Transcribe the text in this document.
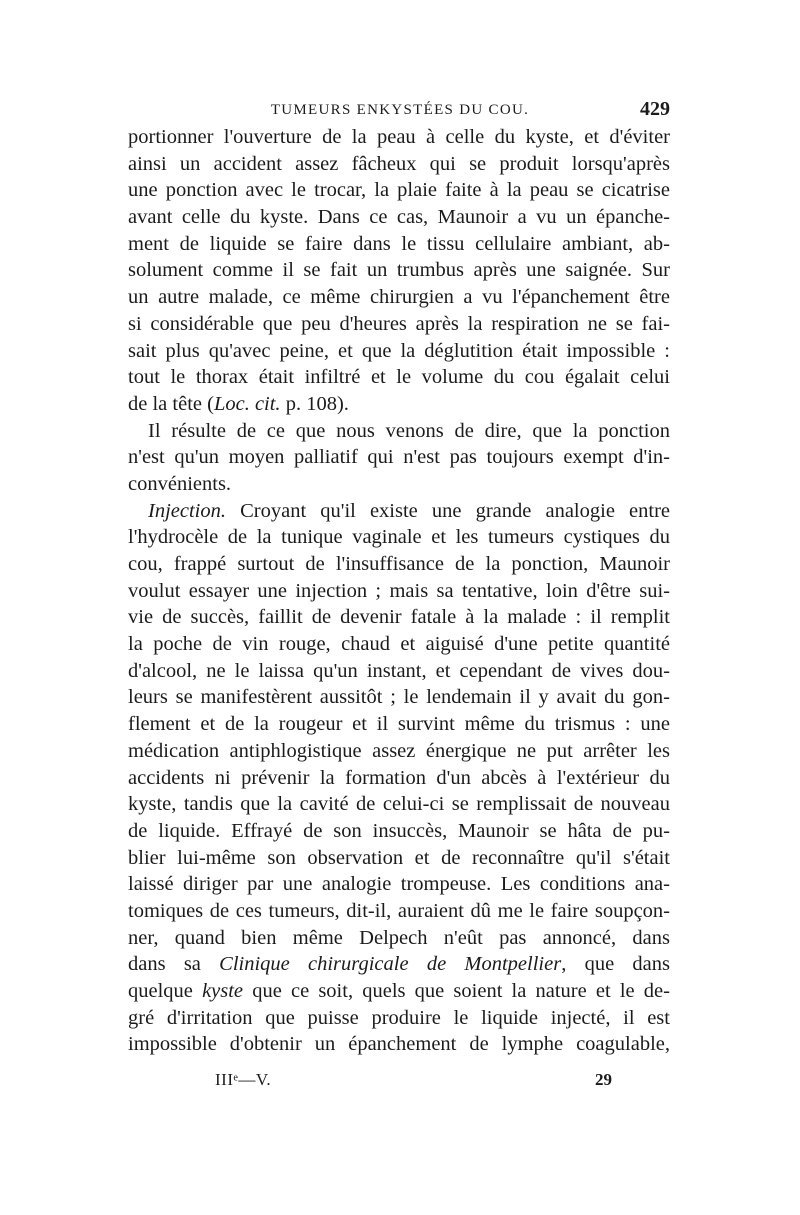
TUMEURS ENKYSTÉES DU COU.	429
portionner l'ouverture de la peau à celle du kyste, et d'éviter
ainsi un accident assez fâcheux qui se produit lorsqu'après
une ponction avec le trocar, la plaie faite à la peau se cicatrise
avant celle du kyste. Dans ce cas, Maunoir a vu un épanche-
ment de liquide se faire dans le tissu cellulaire ambiant, ab-
solument comme il se fait un trumbus après une saignée. Sur
un autre malade, ce même chirurgien a vu l'épanchement être
si considérable que peu d'heures après la respiration ne se fai-
sait plus qu'avec peine, et que la déglutition était impossible :
tout le thorax était infiltré et le volume du cou égalait celui
de la tête (Loc. cit. p. 108).
Il résulte de ce que nous venons de dire, que la ponction
n'est qu'un moyen palliatif qui n'est pas toujours exempt d'in-
convénients.
Injection. Croyant qu'il existe une grande analogie entre
l'hydrocèle de la tunique vaginale et les tumeurs cystiques du
cou, frappé surtout de l'insuffisance de la ponction, Maunoir
voulut essayer une injection ; mais sa tentative, loin d'être sui-
vie de succès, faillit de devenir fatale à la malade : il remplit
la poche de vin rouge, chaud et aiguisé d'une petite quantité
d'alcool, ne le laissa qu'un instant, et cependant de vives dou-
leurs se manifestèrent aussitôt ; le lendemain il y avait du gon-
flement et de la rougeur et il survint même du trismus : une
médication antiphlogistique assez énergique ne put arrêter les
accidents ni prévenir la formation d'un abcès à l'extérieur du
kyste, tandis que la cavité de celui-ci se remplissait de nouveau
de liquide. Effrayé de son insuccès, Maunoir se hâta de pu-
blier lui-même son observation et de reconnaître qu'il s'était
laissé diriger par une analogie trompeuse. Les conditions ana-
tomiques de ces tumeurs, dit-il, auraient dû me le faire soupçon-
ner, quand bien même Delpech n'eût pas annoncé, dans
dans sa Clinique chirurgicale de Montpellier, que dans
quelque kyste que ce soit, quels que soient la nature et le de-
gré d'irritation que puisse produire le liquide injecté, il est
impossible d'obtenir un épanchement de lymphe coagulable,
IIIᵉ—V.	29
